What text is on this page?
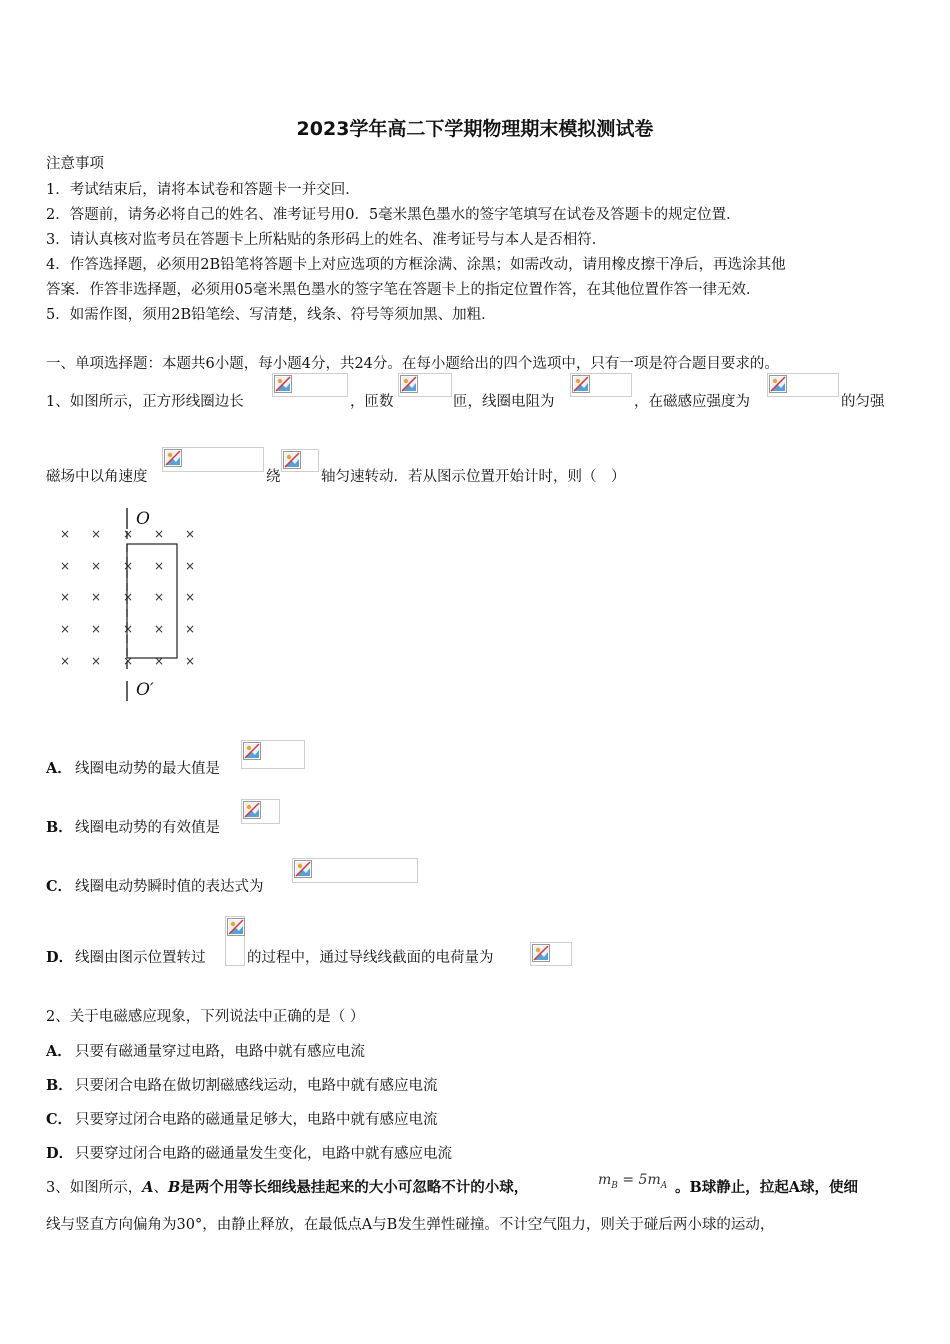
2023学年高二下学期物理期末模拟测试卷
注意事项
1．考试结束后，请将本试卷和答题卡一并交回．
2．答题前，请务必将自己的姓名、准考证号用0．5毫米黑色墨水的签字笔填写在试卷及答题卡的规定位置．
3．请认真核对监考员在答题卡上所粘贴的条形码上的姓名、准考证号与本人是否相符．
4．作答选择题，必须用2B铅笔将答题卡上对应选项的方框涂满、涂黑；如需改动，请用橡皮擦干净后，再选涂其他
答案．作答非选择题，必须用05毫米黑色墨水的签字笔在答题卡上的指定位置作答，在其他位置作答一律无效．
5．如需作图，须用2B铅笔绘、写清楚，线条、符号等须加黑、加粗．
一、单项选择题：本题共6小题，每小题4分，共24分。在每小题给出的四个选项中，只有一项是符合题目要求的。
1、如图所示，正方形线圈边长	，匝数	匝，线圈电阻为	，在磁感应强度为	的匀强
磁场中以角速度	绕	轴匀速转动．若从图示位置开始计时，则（　）
× × × × ×
× × × × ×
× × × × ×
× × × × ×
× × × × ×
O
O′
A． 线圈电动势的最大值是
B． 线圈电动势的有效值是
C． 线圈电动势瞬时值的表达式为
D． 线圈由图示位置转过	的过程中，通过导线线截面的电荷量为
2、关于电磁感应现象，下列说法中正确的是（ ）
A． 只要有磁通量穿过电路，电路中就有感应电流
B． 只要闭合电路在做切割磁感线运动，电路中就有感应电流
C． 只要穿过闭合电路的磁通量足够大，电路中就有感应电流
D． 只要穿过闭合电路的磁通量发生变化，电路中就有感应电流
3、如图所示，A、B是两个用等长细线悬挂起来的大小可忽略不计的小球，	$m_B = 5m_A$ 。B球静止，拉起A球，使细
线与竖直方向偏角为30°，由静止释放，在最低点A与B发生弹性碰撞。不计空气阻力，则关于碰后两小球的运动，
